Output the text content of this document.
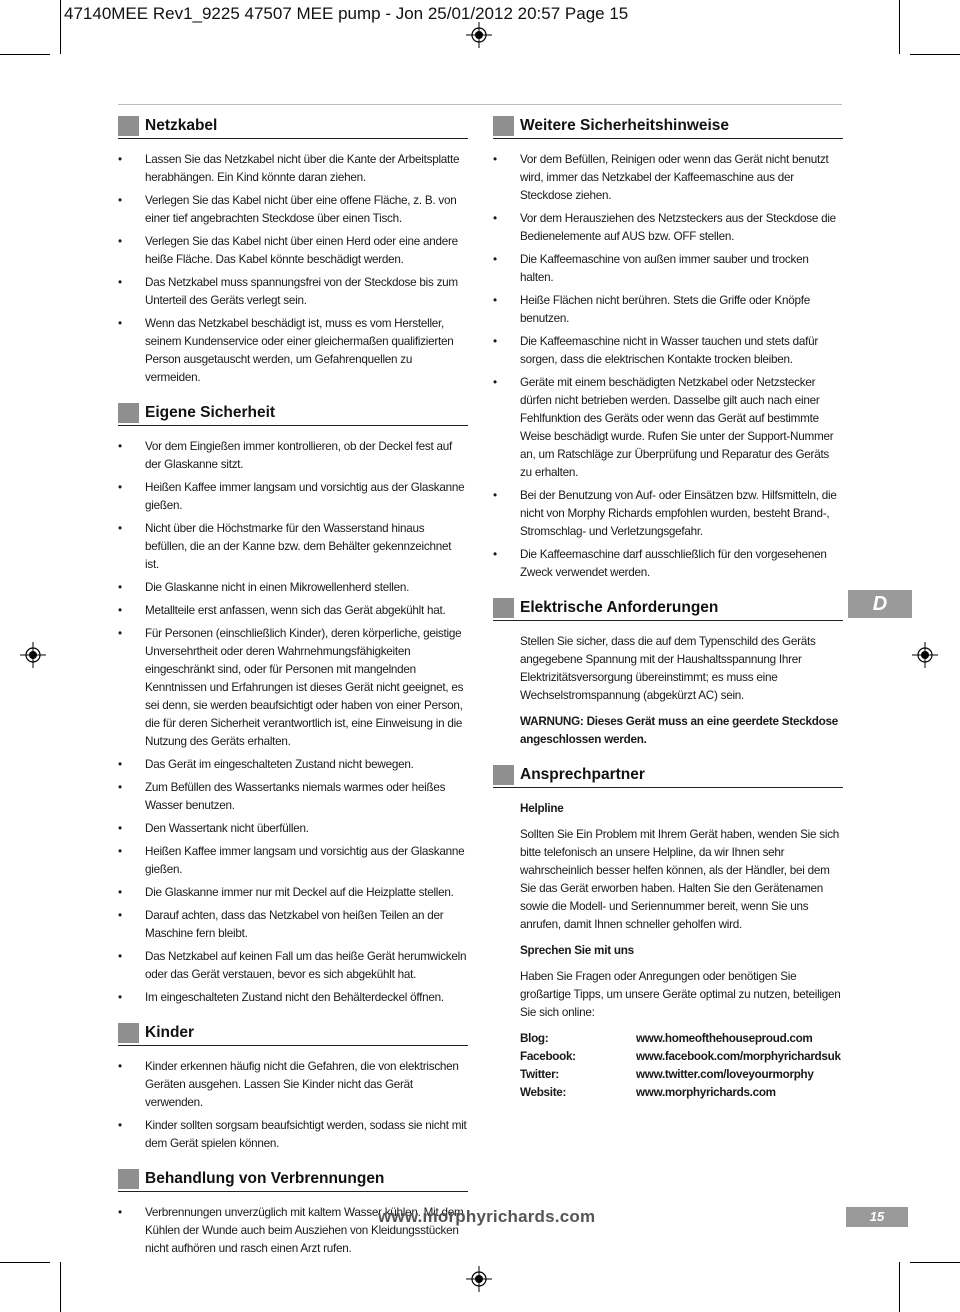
47140MEE Rev1_9225 47507 MEE pump - Jon 25/01/2012 20:57 Page 15
Netzkabel
• Lassen Sie das Netzkabel nicht über die Kante der Arbeitsplatte herabhängen. Ein Kind könnte daran ziehen.
• Verlegen Sie das Kabel nicht über eine offene Fläche, z. B. von einer tief angebrachten Steckdose über einen Tisch.
• Verlegen Sie das Kabel nicht über einen Herd oder eine andere heiße Fläche. Das Kabel könnte beschädigt werden.
• Das Netzkabel muss spannungsfrei von der Steckdose bis zum Unterteil des Geräts verlegt sein.
• Wenn das Netzkabel beschädigt ist, muss es vom Hersteller, seinem Kundenservice oder einer gleichermaßen qualifizierten Person ausgetauscht werden, um Gefahrenquellen zu vermeiden.
Eigene Sicherheit
• Vor dem Eingießen immer kontrollieren, ob der Deckel fest auf der Glaskanne sitzt.
• Heißen Kaffee immer langsam und vorsichtig aus der Glaskanne gießen.
• Nicht über die Höchstmarke für den Wasserstand hinaus befüllen, die an der Kanne bzw. dem Behälter gekennzeichnet ist.
• Die Glaskanne nicht in einen Mikrowellenherd stellen.
• Metallteile erst anfassen, wenn sich das Gerät abgekühlt hat.
• Für Personen (einschließlich Kinder), deren körperliche, geistige Unversehrtheit oder deren Wahrnehmungsfähigkeiten eingeschränkt sind, oder für Personen mit mangelnden Kenntnissen und Erfahrungen ist dieses Gerät nicht geeignet, es sei denn, sie werden beaufsichtigt oder haben von einer Person, die für deren Sicherheit verantwortlich ist, eine Einweisung in die Nutzung des Geräts erhalten.
• Das Gerät im eingeschalteten Zustand nicht bewegen.
• Zum Befüllen des Wassertanks niemals warmes oder heißes Wasser benutzen.
• Den Wassertank nicht überfüllen.
• Heißen Kaffee immer langsam und vorsichtig aus der Glaskanne gießen.
• Die Glaskanne immer nur mit Deckel auf die Heizplatte stellen.
• Darauf achten, dass das Netzkabel von heißen Teilen an der Maschine fern bleibt.
• Das Netzkabel auf keinen Fall um das heiße Gerät herumwickeln oder das Gerät verstauen, bevor es sich abgekühlt hat.
• Im eingeschalteten Zustand nicht den Behälterdeckel öffnen.
Kinder
• Kinder erkennen häufig nicht die Gefahren, die von elektrischen Geräten ausgehen. Lassen Sie Kinder nicht das Gerät verwenden.
• Kinder sollten sorgsam beaufsichtigt werden, sodass sie nicht mit dem Gerät spielen können.
Behandlung von Verbrennungen
• Verbrennungen unverzüglich mit kaltem Wasser kühlen. Mit dem Kühlen der Wunde auch beim Ausziehen von Kleidungsstücken nicht aufhören und rasch einen Arzt rufen.
Weitere Sicherheitshinweise
• Vor dem Befüllen, Reinigen oder wenn das Gerät nicht benutzt wird, immer das Netzkabel der Kaffeemaschine aus der Steckdose ziehen.
• Vor dem Herausziehen des Netzsteckers aus der Steckdose die Bedienelemente auf AUS bzw. OFF stellen.
• Die Kaffeemaschine von außen immer sauber und trocken halten.
• Heiße Flächen nicht berühren. Stets die Griffe oder Knöpfe benutzen.
• Die Kaffeemaschine nicht in Wasser tauchen und stets dafür sorgen, dass die elektrischen Kontakte trocken bleiben.
• Geräte mit einem beschädigten Netzkabel oder Netzstecker dürfen nicht betrieben werden. Dasselbe gilt auch nach einer Fehlfunktion des Geräts oder wenn das Gerät auf bestimmte Weise beschädigt wurde. Rufen Sie unter der Support-Nummer an, um Ratschläge zur Überprüfung und Reparatur des Geräts zu erhalten.
• Bei der Benutzung von Auf- oder Einsätzen bzw. Hilfsmitteln, die nicht von Morphy Richards empfohlen wurden, besteht Brand-, Stromschlag- und Verletzungsgefahr.
• Die Kaffeemaschine darf ausschließlich für den vorgesehenen Zweck verwendet werden.
Elektrische Anforderungen
Stellen Sie sicher, dass die auf dem Typenschild des Geräts angegebene Spannung mit der Haushaltsspannung Ihrer Elektrizitätsversorgung übereinstimmt; es muss eine Wechselstromspannung (abgekürzt AC) sein.
WARNUNG: Dieses Gerät muss an eine geerdete Steckdose angeschlossen werden.
Ansprechpartner
Helpline
Sollten Sie Ein Problem mit Ihrem Gerät haben, wenden Sie sich bitte telefonisch an unsere Helpline, da wir Ihnen sehr wahrscheinlich besser helfen können, als der Händler, bei dem Sie das Gerät erworben haben. Halten Sie den Gerätenamen sowie die Modell- und Seriennummer bereit, wenn Sie uns anrufen, damit Ihnen schneller geholfen wird.
Sprechen Sie mit uns
Haben Sie Fragen oder Anregungen oder benötigen Sie großartige Tipps, um unsere Geräte optimal zu nutzen, beteiligen Sie sich online:
Blog:	www.homeofthehouseproud.com
Facebook:	www.facebook.com/morphyrichardsuk
Twitter:	www.twitter.com/loveyourmorphy
Website:	www.morphyrichards.com
D
www.morphyrichards.com	15
